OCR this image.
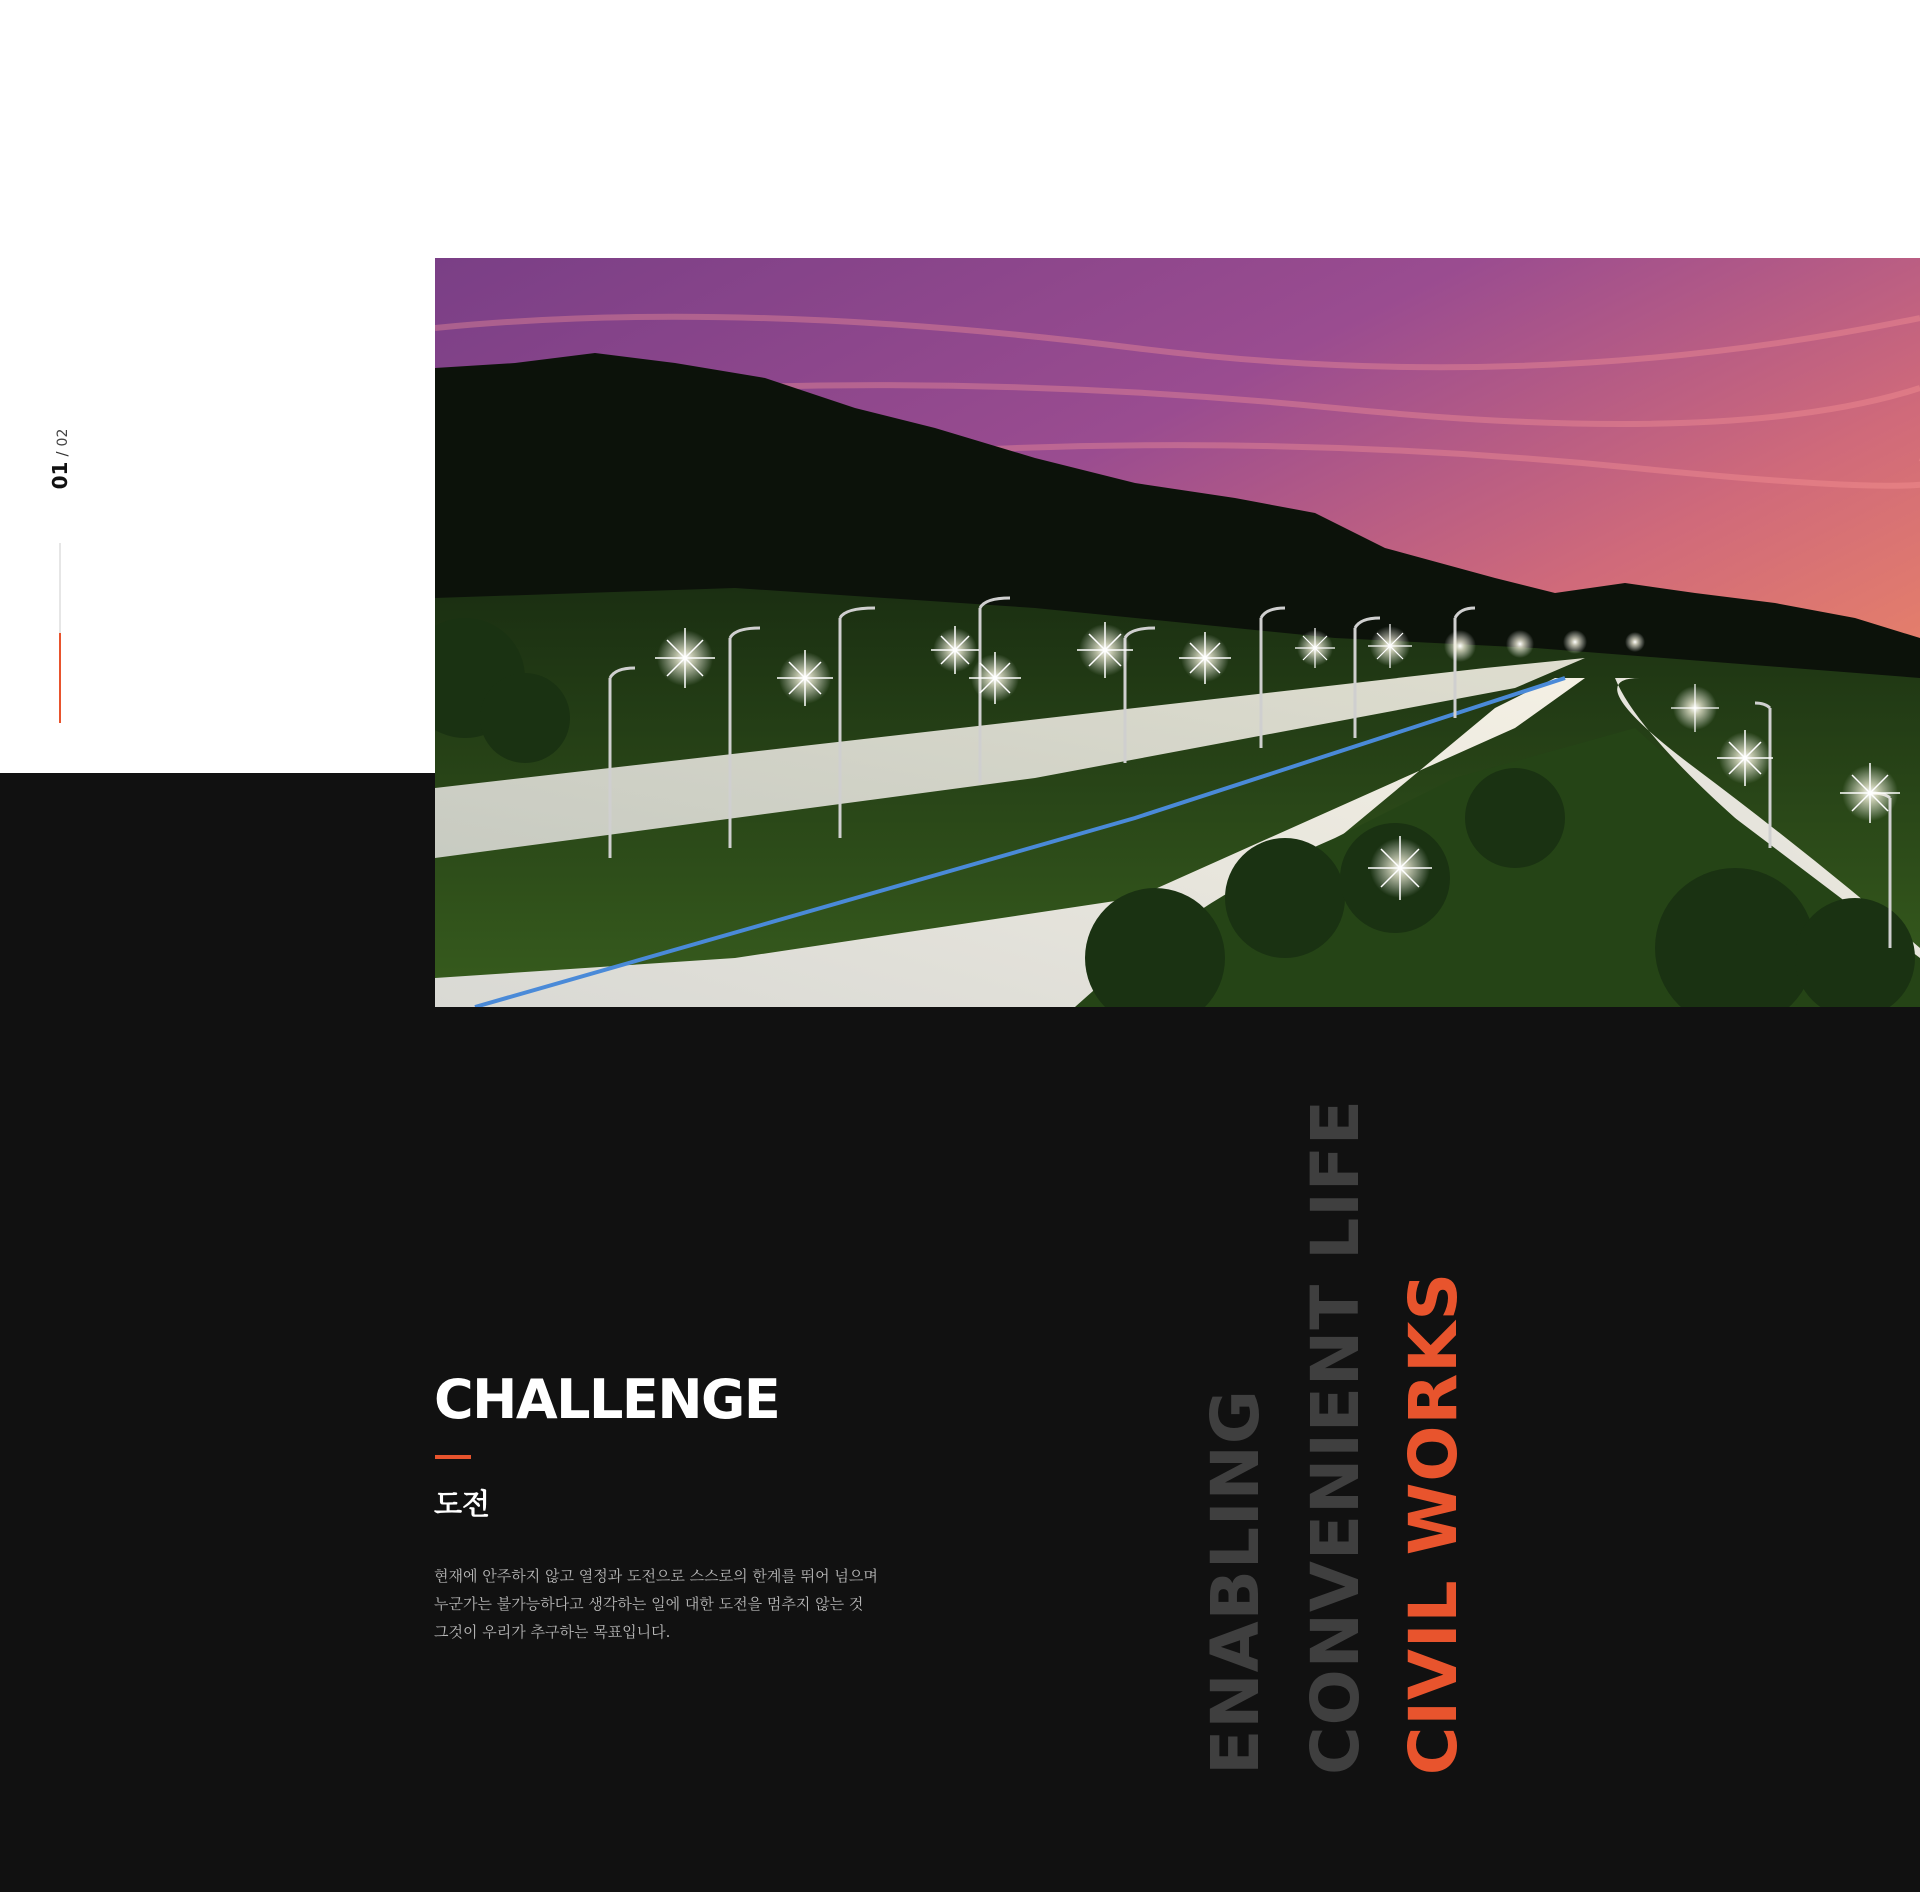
01/02
CHALLENGE
도전

현재에 안주하지 않고 열정과 도전으로 스스로의 한계를 뛰어 넘으며
누군가는 불가능하다고 생각하는 일에 대한 도전을 멈추지 않는 것
그것이 우리가 추구하는 목표입니다.	ENABLING CONVENIENT LIFE CIVIL WORKS
